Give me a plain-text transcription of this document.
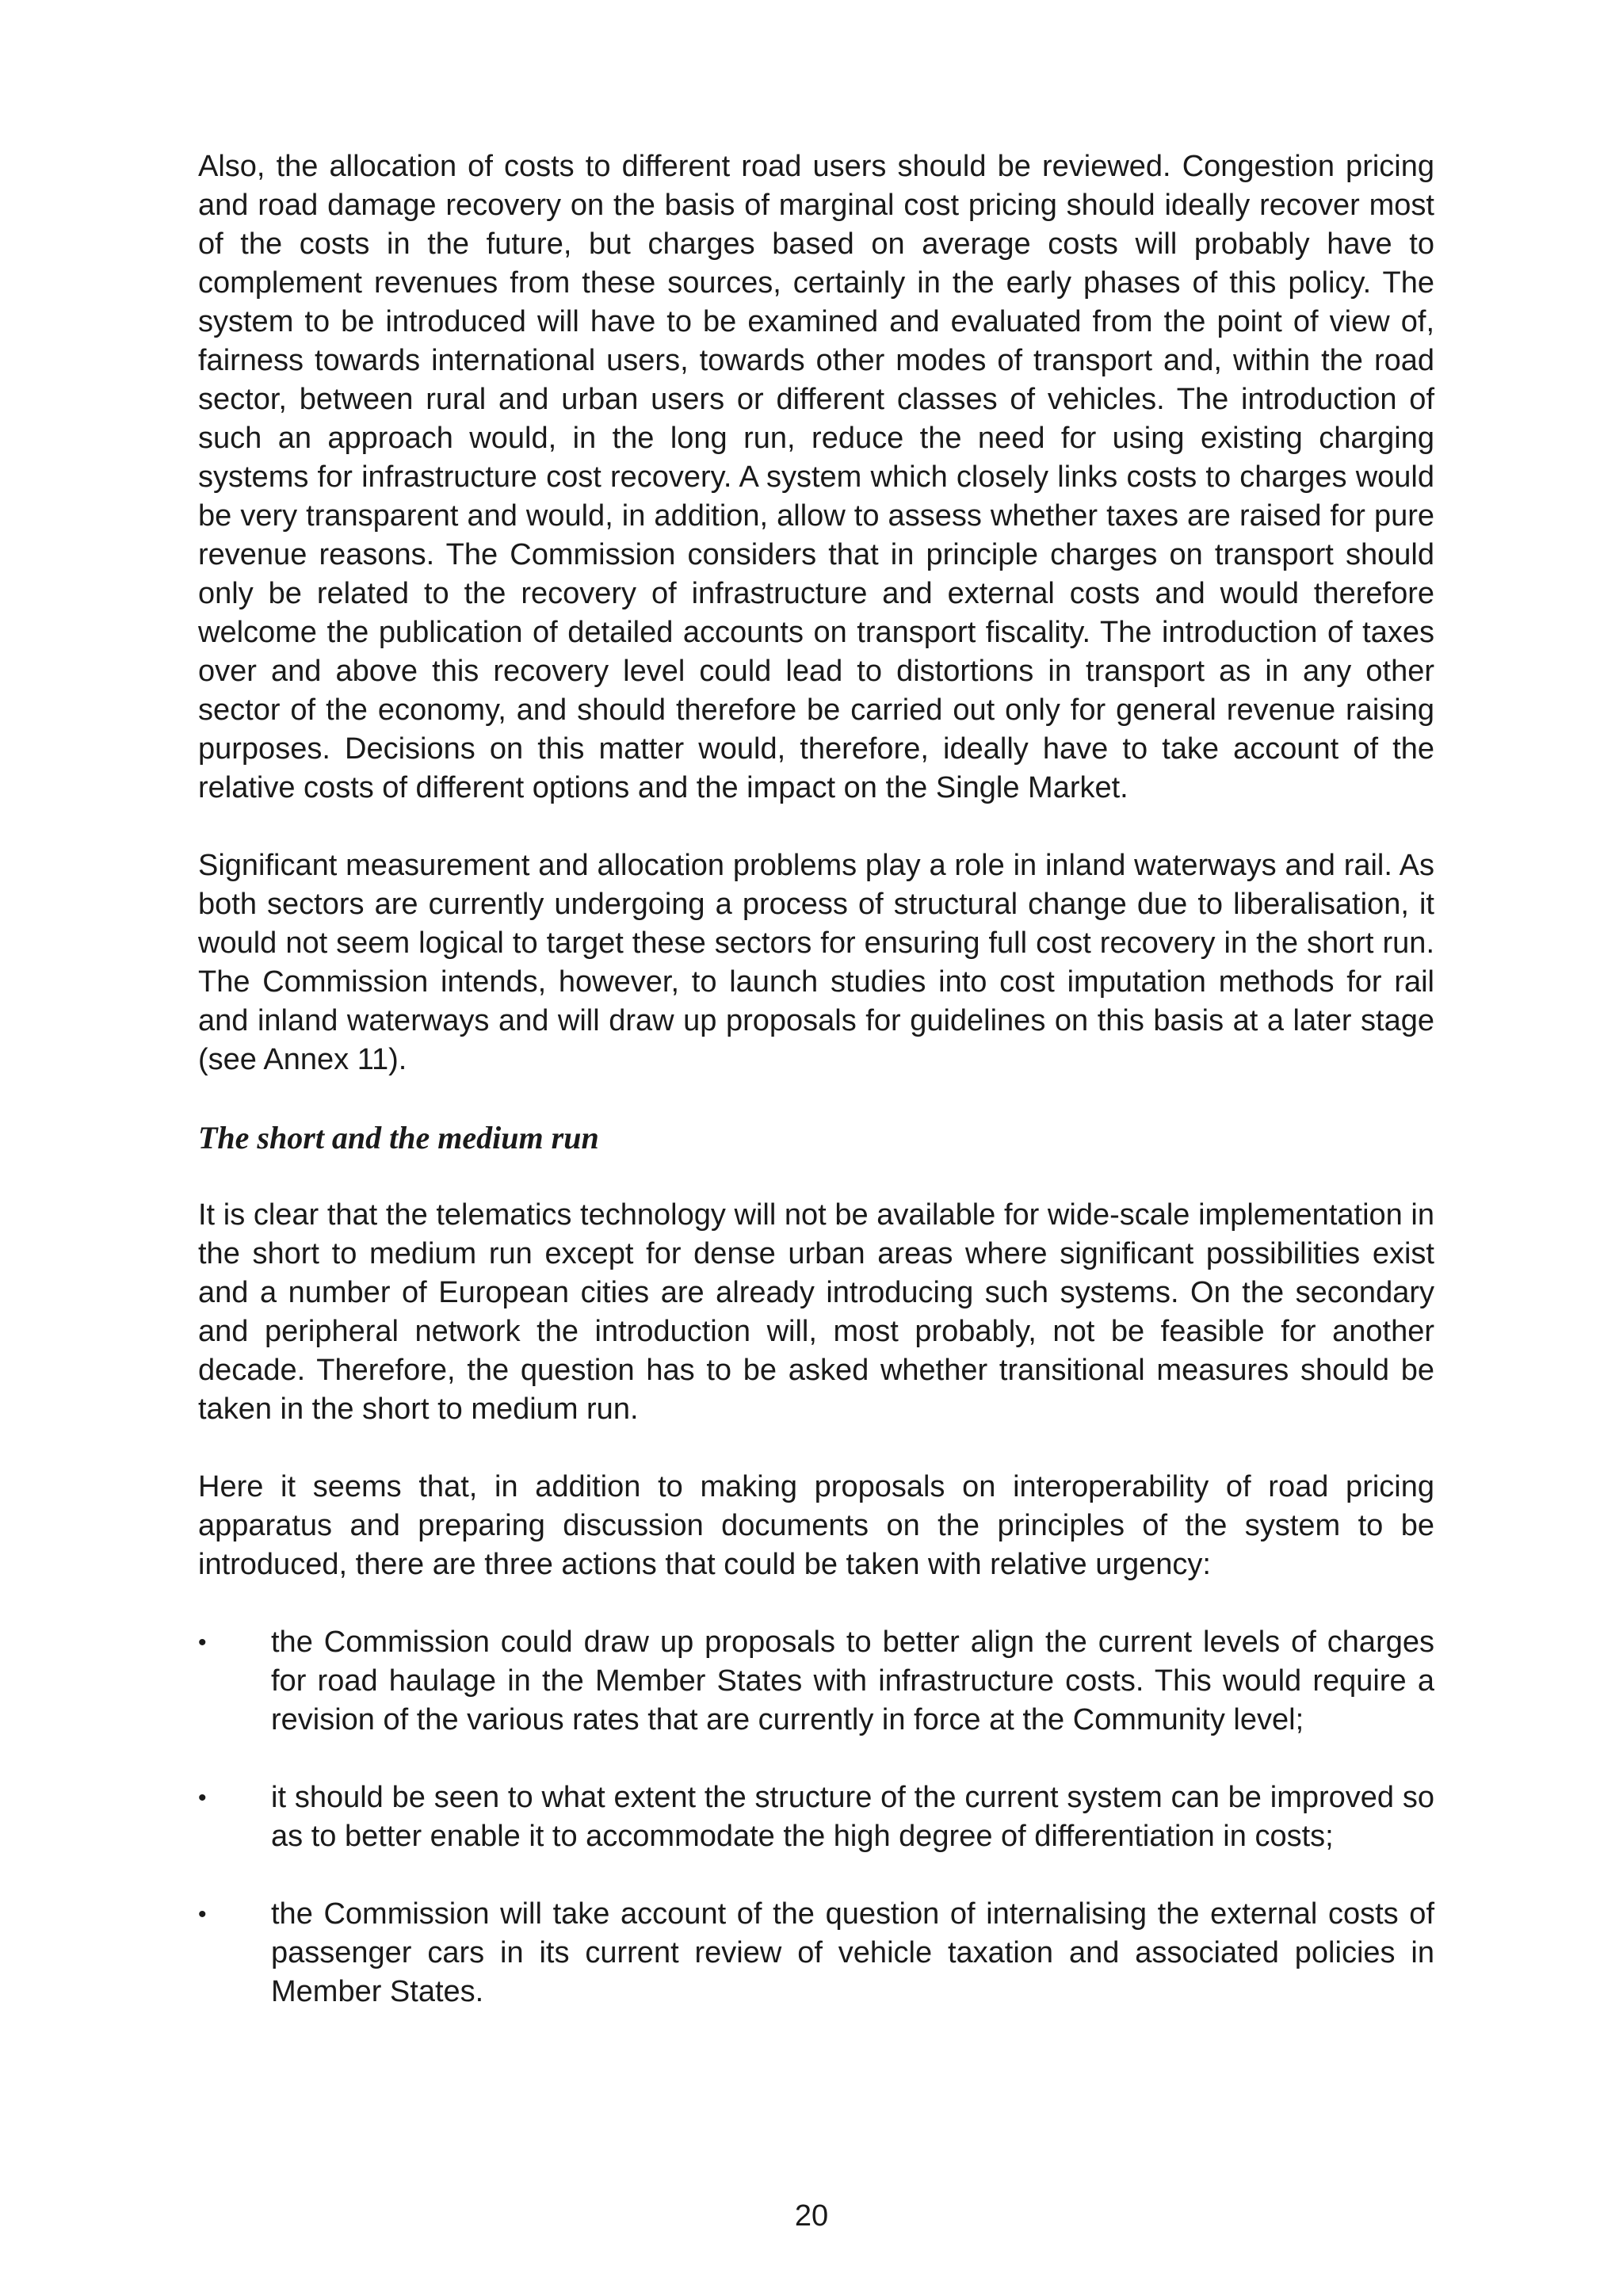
Also, the allocation of costs to different road users should be reviewed. Congestion pricing and road damage recovery on the basis of marginal cost pricing should ideally recover most of the costs in the future, but charges based on average costs will probably have to complement revenues from these sources, certainly in the early phases of this policy. The system to be introduced will have to be examined and evaluated from the point of view of, fairness towards international users, towards other modes of transport and, within the road sector, between rural and urban users or different classes of vehicles. The introduction of such an approach would, in the long run, reduce the need for using existing charging systems for infrastructure cost recovery. A system which closely links costs to charges would be very transparent and would, in addition, allow to assess whether taxes are raised for pure revenue reasons. The Commission considers that in principle charges on transport should only be related to the recovery of infrastructure and external costs and would therefore welcome the publication of detailed accounts on transport fiscality. The introduction of taxes over and above this recovery level could lead to distortions in transport as in any other sector of the economy, and should therefore be carried out only for general revenue raising purposes. Decisions on this matter would, therefore, ideally have to take account of the relative costs of different options and the impact on the Single Market.

Significant measurement and allocation problems play a role in inland waterways and rail. As both sectors are currently undergoing a process of structural change due to liberalisation, it would not seem logical to target these sectors for ensuring full cost recovery in the short run. The Commission intends, however, to launch studies into cost imputation methods for rail and inland waterways and will draw up proposals for guidelines on this basis at a later stage (see Annex 11).

The short and the medium run

It is clear that the telematics technology will not be available for wide-scale implementation in the short to medium run except for dense urban areas where significant possibilities exist and a number of European cities are already introducing such systems. On the secondary and peripheral network the introduction will, most probably, not be feasible for another decade. Therefore, the question has to be asked whether transitional measures should be taken in the short to medium run.

Here it seems that, in addition to making proposals on interoperability of road pricing apparatus and preparing discussion documents on the principles of the system to be introduced, there are three actions that could be taken with relative urgency:

•	the Commission could draw up proposals to better align the current levels of charges for road haulage in the Member States with infrastructure costs. This would require a revision of the various rates that are currently in force at the Community level;
•	it should be seen to what extent the structure of the current system can be improved so as to better enable it to accommodate the high degree of differentiation in costs;
•	the Commission will take account of the question of internalising the external costs of passenger cars in its current review of vehicle taxation and associated policies in Member States.
20
